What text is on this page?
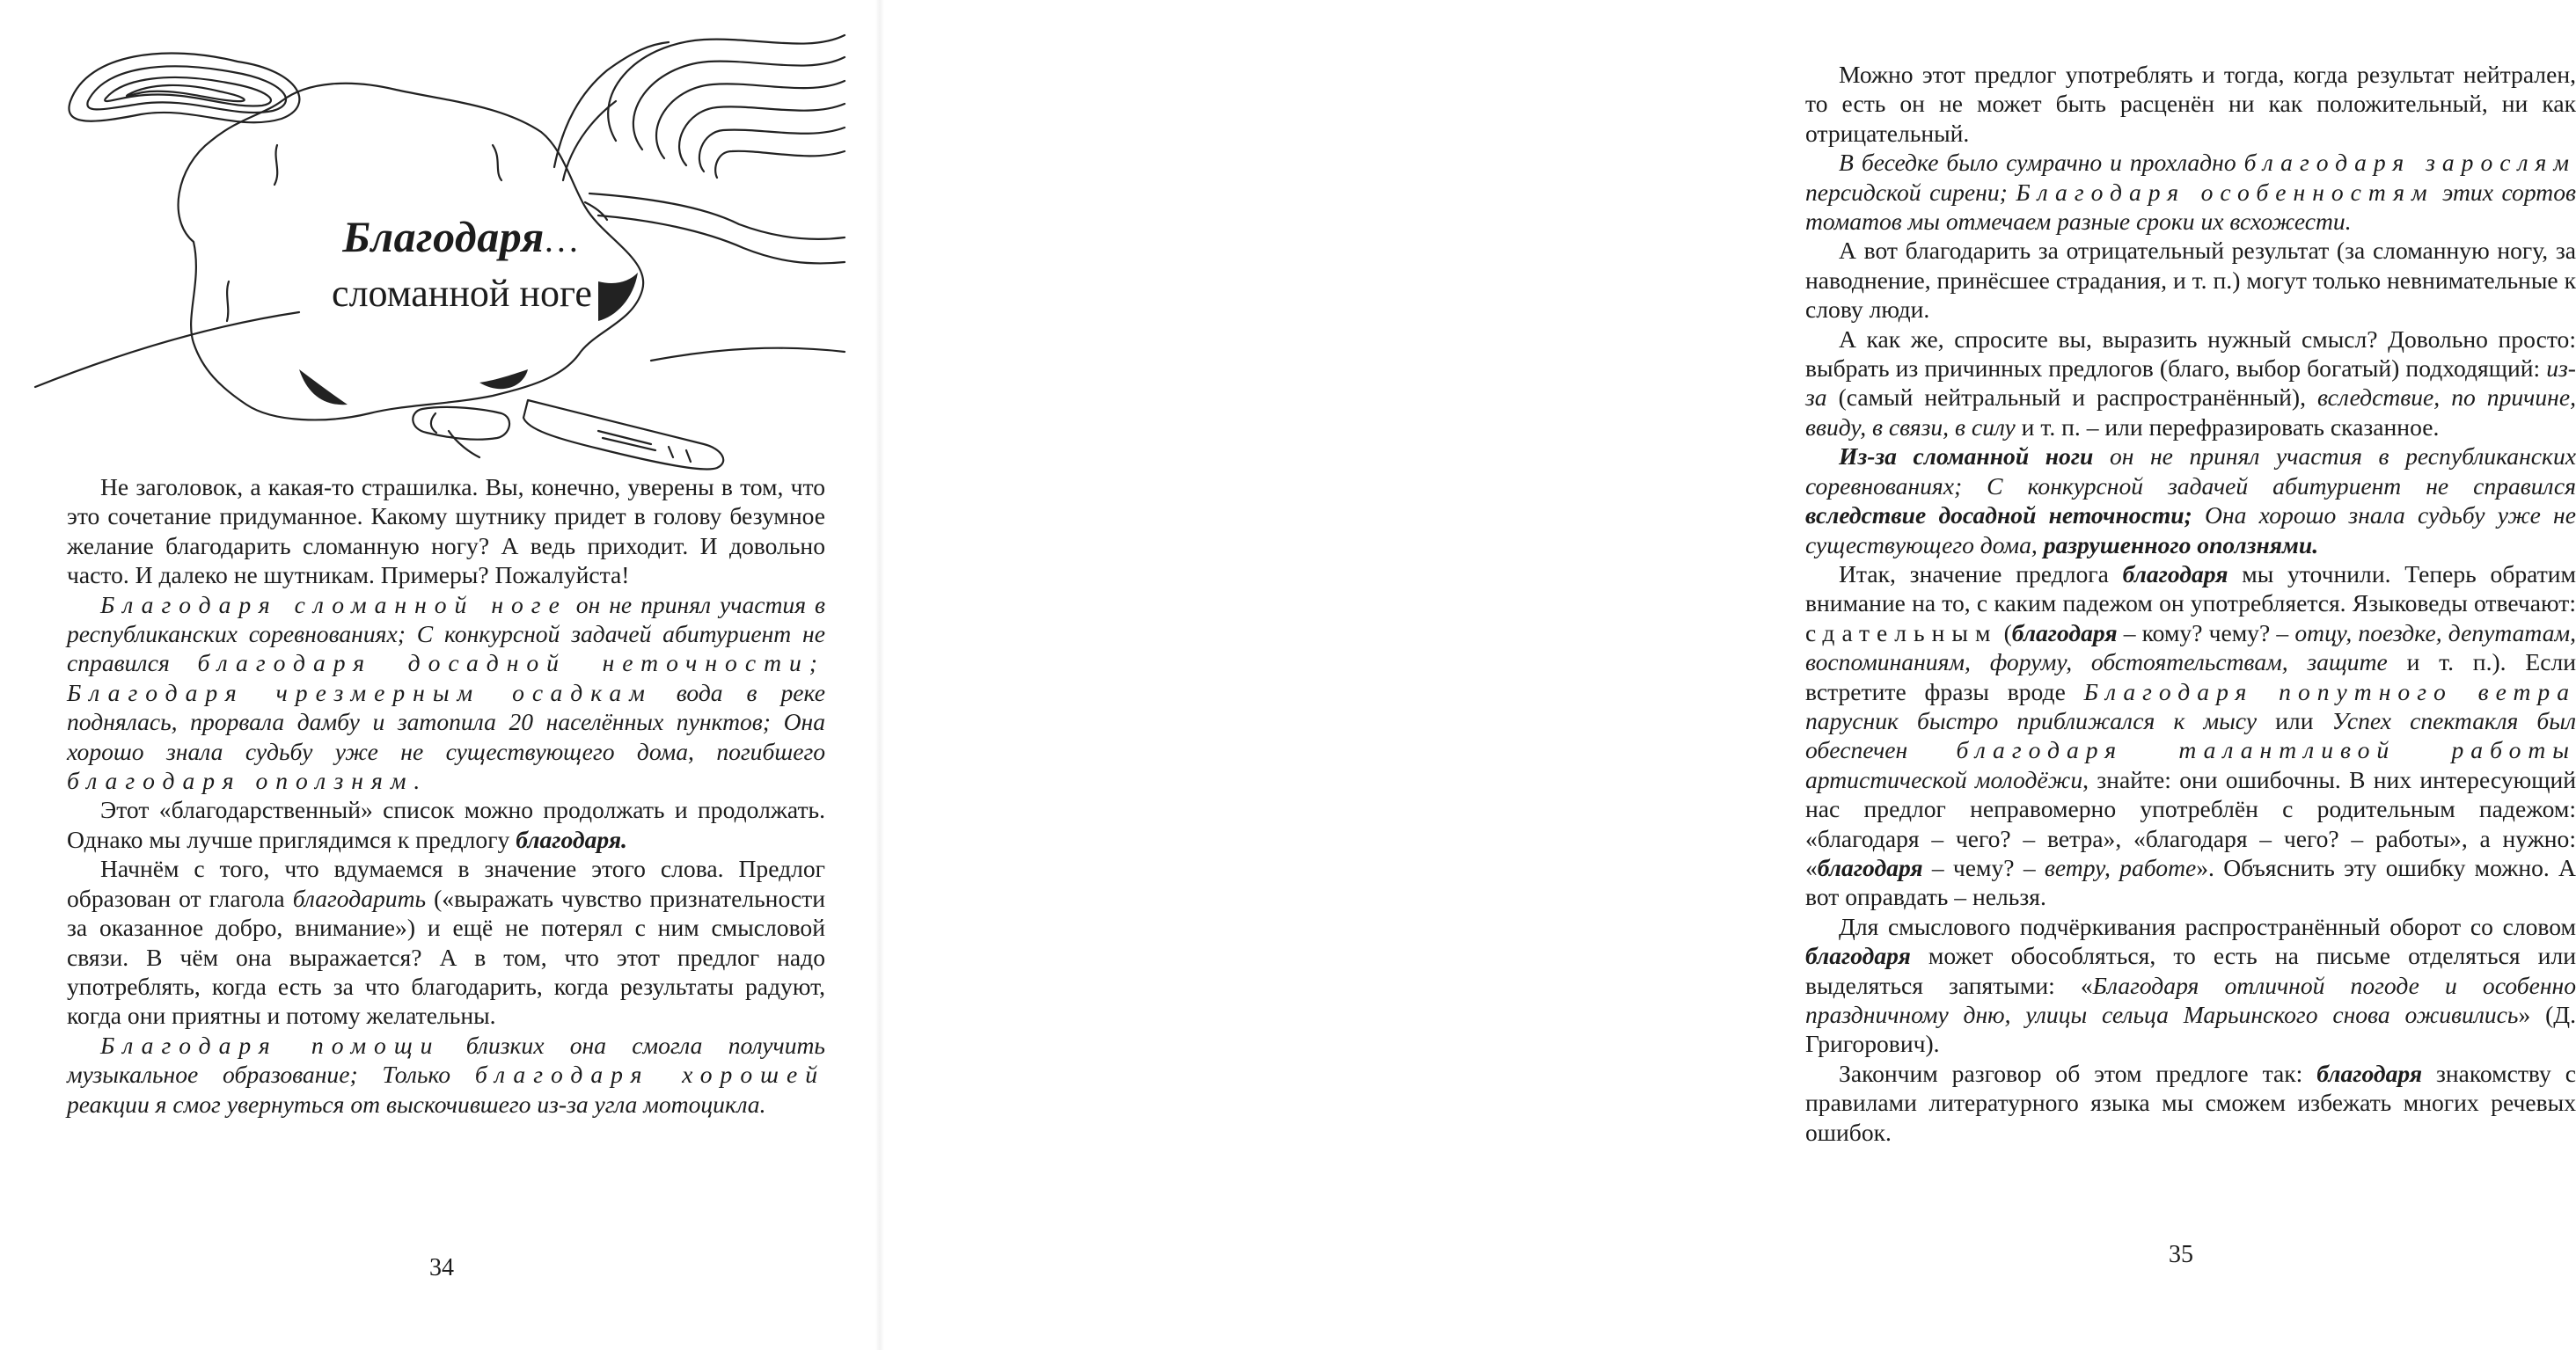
Благодаря...
сломанной ноге

Не заголовок, а какая-то страшилка. Вы, конечно, уверены в том, что это сочетание придуманное. Какому шутнику придет в голову безумное желание благодарить сломанную ногу? А ведь приходит. И довольно часто. И далеко не шутникам. Примеры? Пожалуйста!

Благодаря сломанной ноге он не принял участия в республиканских соревнованиях; С конкурсной задачей абитуриент не справился благодаря досадной неточности; Благодаря чрезмерным осадкам вода в реке поднялась, прорвала дамбу и затопила 20 населённых пунктов; Она хорошо знала судьбу уже не существующего дома, погибшего благодаря оползням.

Этот «благодарственный» список можно продолжать и продолжать. Однако мы лучше приглядимся к предлогу благодаря.

Начнём с того, что вдумаемся в значение этого слова. Предлог образован от глагола благодарить («выражать чувство признательности за оказанное добро, внимание») и ещё не потерял с ним смысловой связи. В чём она выражается? А в том, что этот предлог надо употреблять, когда есть за что благодарить, когда результаты радуют, когда они приятны и потому желательны.

Благодаря помощи близких она смогла получить музыкальное образование; Только благодаря хорошей реакции я смог увернуться от выскочившего из-за угла мотоцикла.

34

Можно этот предлог употреблять и тогда, когда результат нейтрален, то есть он не может быть расценён ни как положительный, ни как отрицательный.

В беседке было сумрачно и прохладно благодаря зарослям персидской сирени; Благодаря особенностям этих сортов томатов мы отмечаем разные сроки их всхожести.

А вот благодарить за отрицательный результат (за сломанную ногу, за наводнение, принёсшее страдания, и т. п.) могут только невнимательные к слову люди.

А как же, спросите вы, выразить нужный смысл? Довольно просто: выбрать из причинных предлогов (благо, выбор богатый) подходящий: из-за (самый нейтральный и распространённый), вследствие, по причине, ввиду, в связи, в силу и т. п. – или перефразировать сказанное.

Из-за сломанной ноги он не принял участия в республиканских соревнованиях; С конкурсной задачей абитуриент не справился вследствие досадной неточности; Она хорошо знала судьбу уже не существующего дома, разрушенного оползнями.

Итак, значение предлога благодаря мы уточнили. Теперь обратим внимание на то, с каким падежом он употребляется. Языковеды отвечают: с дательным (благодаря – кому? чему? – отцу, поездке, депутатам, воспоминаниям, форуму, обстоятельствам, защите и т. п.). Если встретите фразы вроде Благодаря попутного ветра парусник быстро приближался к мысу или Успех спектакля был обеспечен благодаря талантливой работы артистической молодёжи, знайте: они ошибочны. В них интересующий нас предлог неправомерно употреблён с родительным падежом: «благодаря – чего? – ветра», «благодаря – чего? – работы», а нужно: «благодаря – чему? – ветру, работе». Объяснить эту ошибку можно. А вот оправдать – нельзя.

Для смыслового подчёркивания распространённый оборот со словом благодаря может обособляться, то есть на письме отделяться или выделяться запятыми: «Благодаря отличной погоде и особенно праздничному дню, улицы сельца Марьинского снова оживились» (Д. Григорович).

Закончим разговор об этом предлоге так: благодаря знакомству с правилами литературного языка мы сможем избежать многих речевых ошибок.

35
